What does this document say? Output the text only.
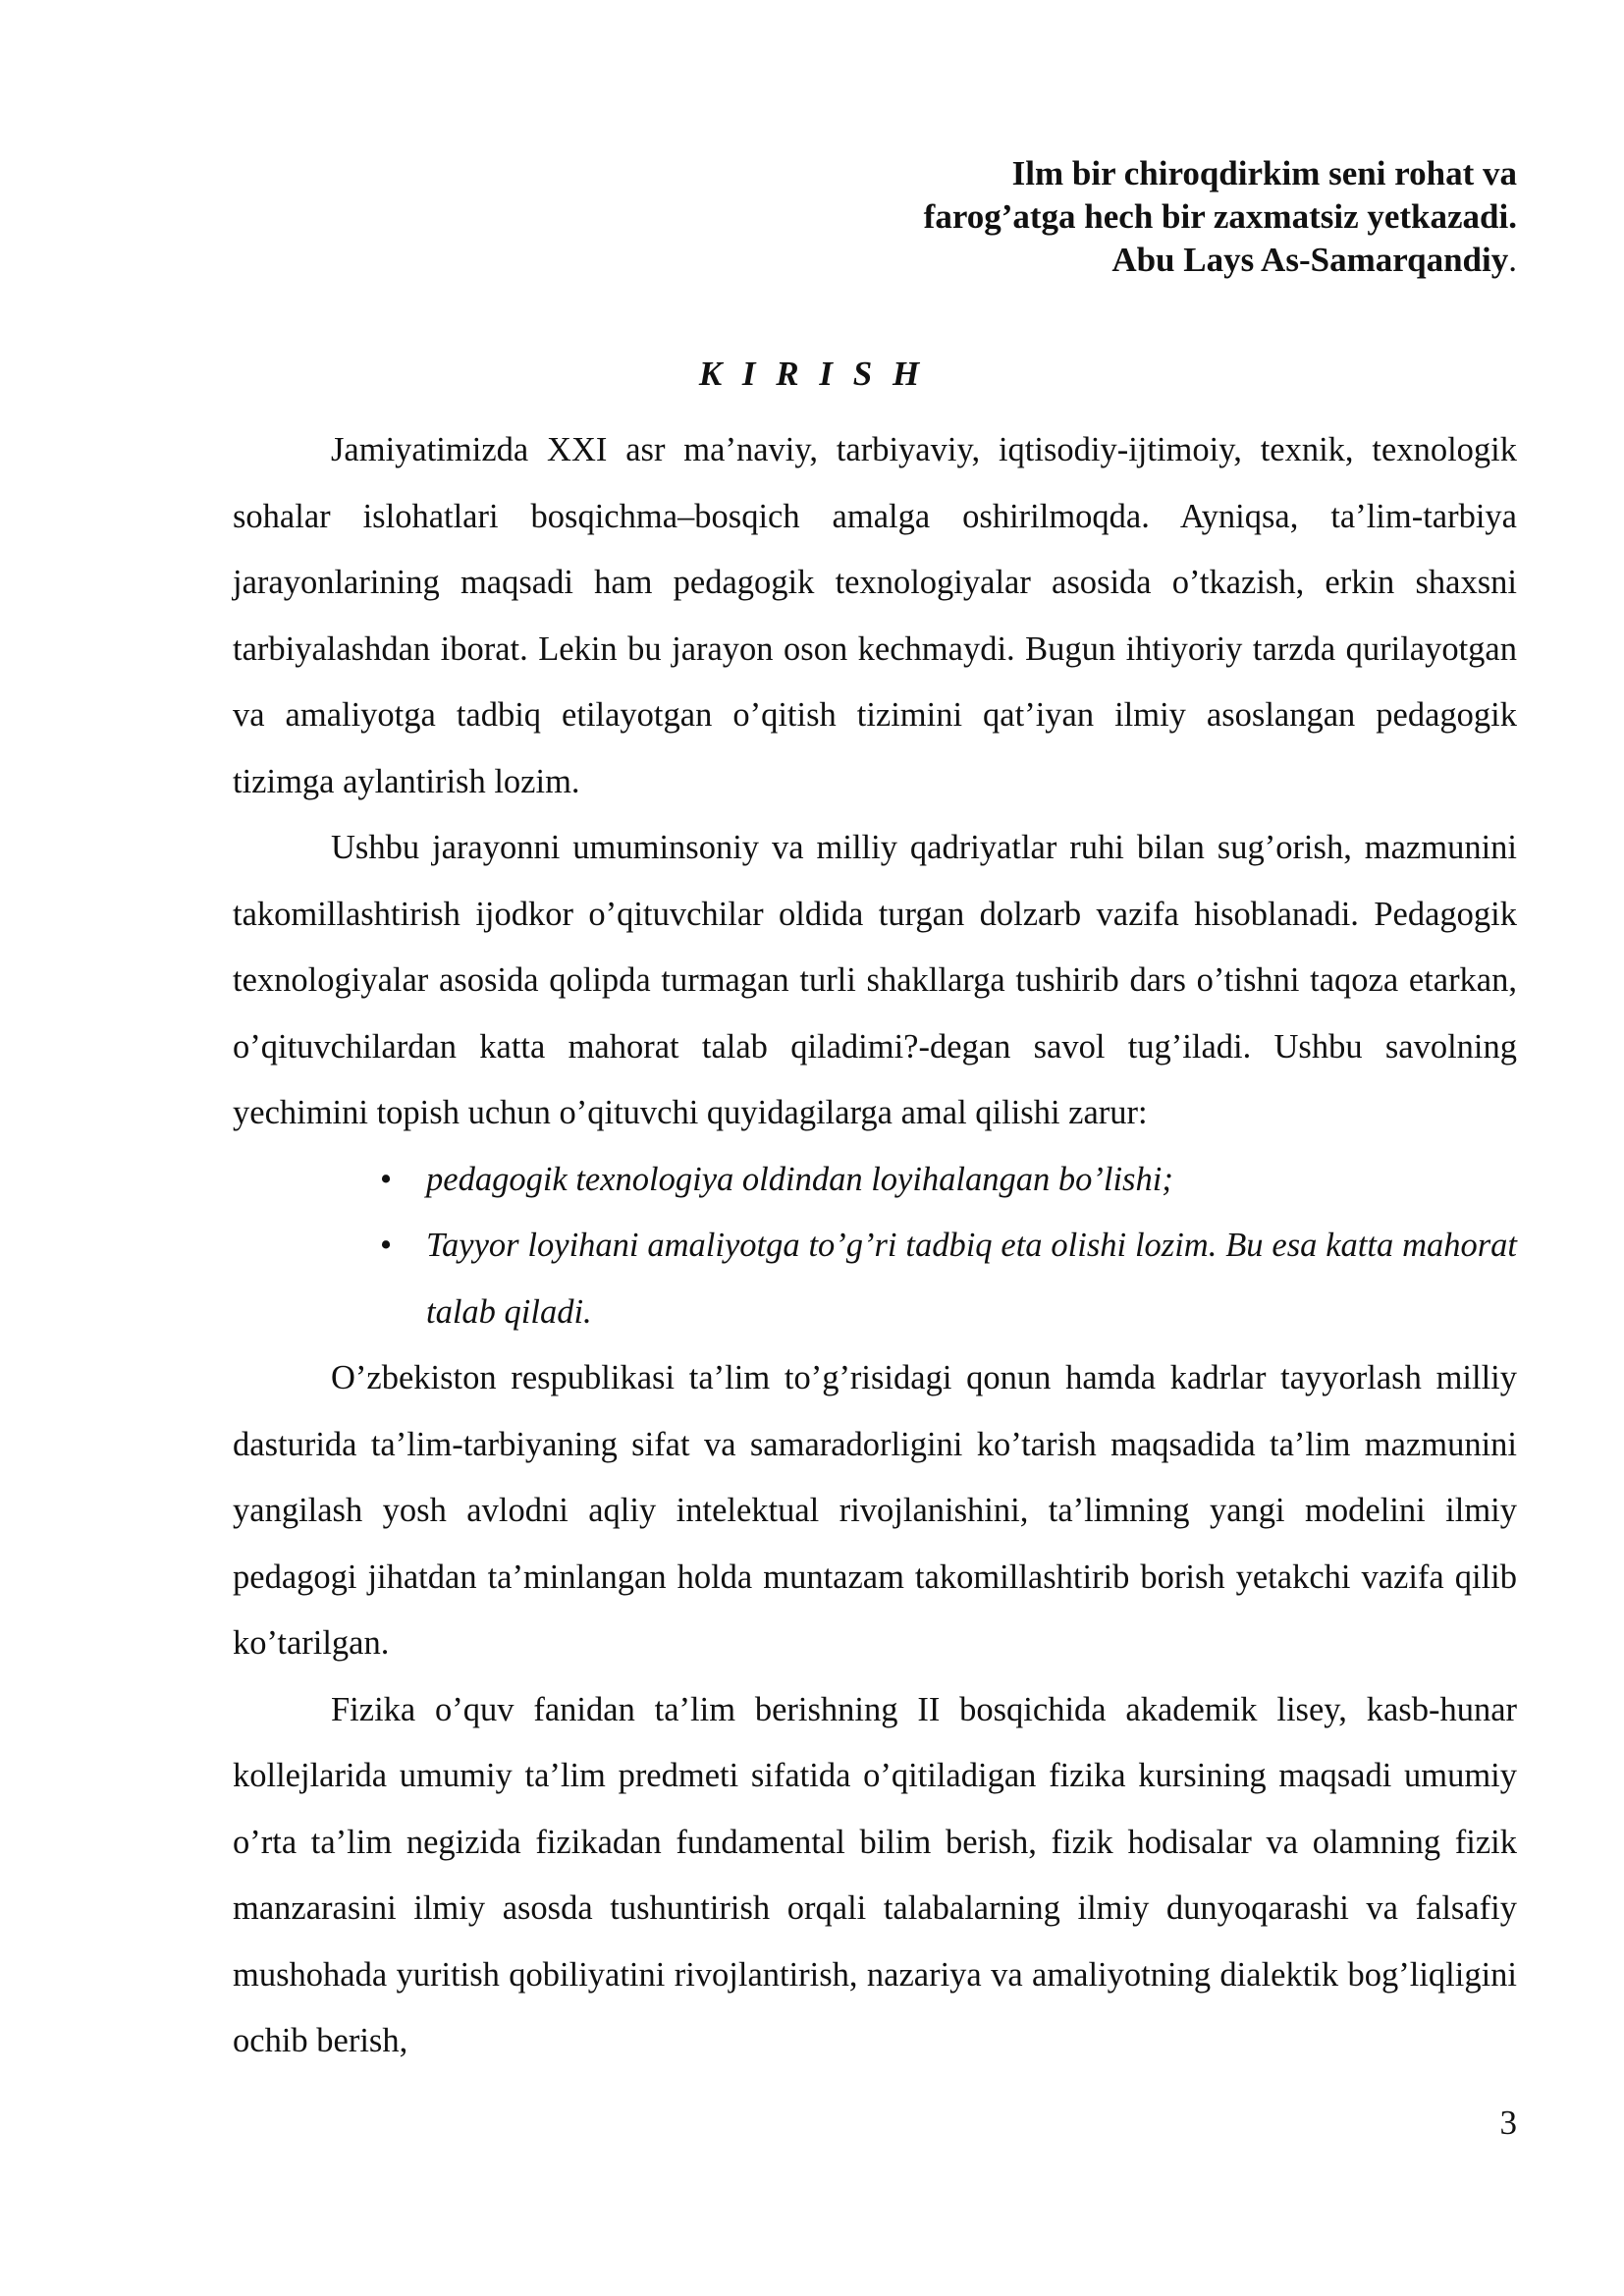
Ilm bir chiroqdirkim seni rohat va
farog’atga hech bir zaxmatsiz yetkazadi.
Abu Lays As-Samarqandiy.
K I R I S H

Jamiyatimizda XXI asr ma’naviy, tarbiyaviy, iqtisodiy-ijtimoiy, texnik, texnologik sohalar islohatlari bosqichma–bosqich amalga oshirilmoqda. Ayniqsa, ta’lim-tarbiya jarayonlarining maqsadi ham pedagogik texnologiyalar asosida o’tkazish, erkin shaxsni tarbiyalashdan iborat. Lekin bu jarayon oson kechmaydi. Bugun ihtiyoriy tarzda qurilayotgan va amaliyotga tadbiq etilayotgan o’qitish tizimini qat’iyan ilmiy asoslangan pedagogik tizimga aylantirish lozim.

Ushbu jarayonni umuminsoniy va milliy qadriyatlar ruhi bilan sug’orish, mazmunini takomillashtirish ijodkor o’qituvchilar oldida turgan dolzarb vazifa hisoblanadi. Pedagogik texnologiyalar asosida qolipda turmagan turli shakllarga tushirib dars o’tishni taqoza etarkan, o’qituvchilardan katta mahorat talab qiladimi?-degan savol tug’iladi. Ushbu savolning yechimini topish uchun o’qituvchi quyidagilarga amal qilishi zarur:

• pedagogik texnologiya oldindan loyihalangan bo’lishi;
• Tayyor loyihani amaliyotga to’g’ri tadbiq eta olishi lozim. Bu esa katta mahorat talab qiladi.

O’zbekiston respublikasi ta’lim to’g’risidagi qonun hamda kadrlar tayyorlash milliy dasturida ta’lim-tarbiyaning sifat va samaradorligini ko’tarish maqsadida ta’lim mazmunini yangilash yosh avlodni aqliy intelektual rivojlanishini, ta’limning yangi modelini ilmiy pedagogi jihatdan ta’minlangan holda muntazam takomillashtirib borish yetakchi vazifa qilib ko’tarilgan.

Fizika o’quv fanidan ta’lim berishning II bosqichida akademik lisey, kasb-hunar kollejlarida umumiy ta’lim predmeti sifatida o’qitiladigan fizika kursining maqsadi umumiy o’rta ta’lim negizida fizikadan fundamental bilim berish, fizik hodisalar va olamning fizik manzarasini ilmiy asosda tushuntirish orqali talabalarning ilmiy dunyoqarashi va falsafiy mushohada yuritish qobiliyatini rivojlantirish, nazariya va amaliyotning dialektik bog’liqligini ochib berish,

3
